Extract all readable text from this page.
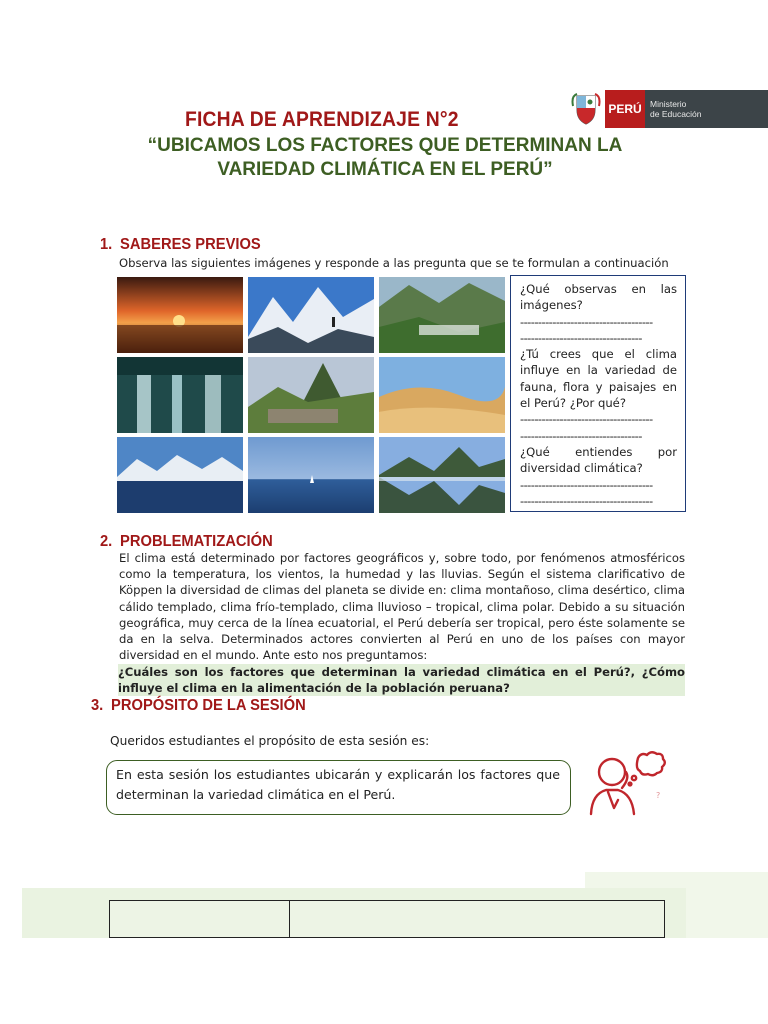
FICHA DE APRENDIZAJE N°2
“UBICAMOS LOS FACTORES QUE DETERMINAN LA
VARIEDAD CLIMÁTICA EN EL PERÚ”
PERÚ Ministerio
de Educación
1. SABERES PREVIOS
Observa las siguientes imágenes y responde a las pregunta que se te formulan a continuación
¿Qué observas en las imágenes?
-------------------------------------
----------------------------------
¿Tú crees que el clima influye en la variedad de fauna, flora y paisajes en el Perú? ¿Por qué?
-------------------------------------
----------------------------------
¿Qué entiendes por diversidad climática?
-------------------------------------
-------------------------------------
2. PROBLEMATIZACIÓN
El clima está determinado por factores geográficos y, sobre todo, por fenómenos atmosféricos como la temperatura, los vientos, la humedad y las lluvias. Según el sistema clarificativo de Köppen la diversidad de climas del planeta se divide en: clima montañoso, clima desértico, clima cálido templado, clima frío-templado, clima lluvioso – tropical, clima polar. Debido a su situación geográfica, muy cerca de la línea ecuatorial, el Perú debería ser tropical, pero éste solamente se da en la selva. Determinados actores convierten al Perú en uno de los países con mayor diversidad en el mundo. Ante esto nos preguntamos:
¿Cuáles son los factores que determinan la variedad climática en el Perú?, ¿Cómo influye el clima en la alimentación de la población peruana?
3. PROPÓSITO DE LA SESIÓN
Queridos estudiantes el propósito de esta sesión es:
En esta sesión los estudiantes ubicarán y explicarán los factores que determinan la variedad climática en el Perú.	?
